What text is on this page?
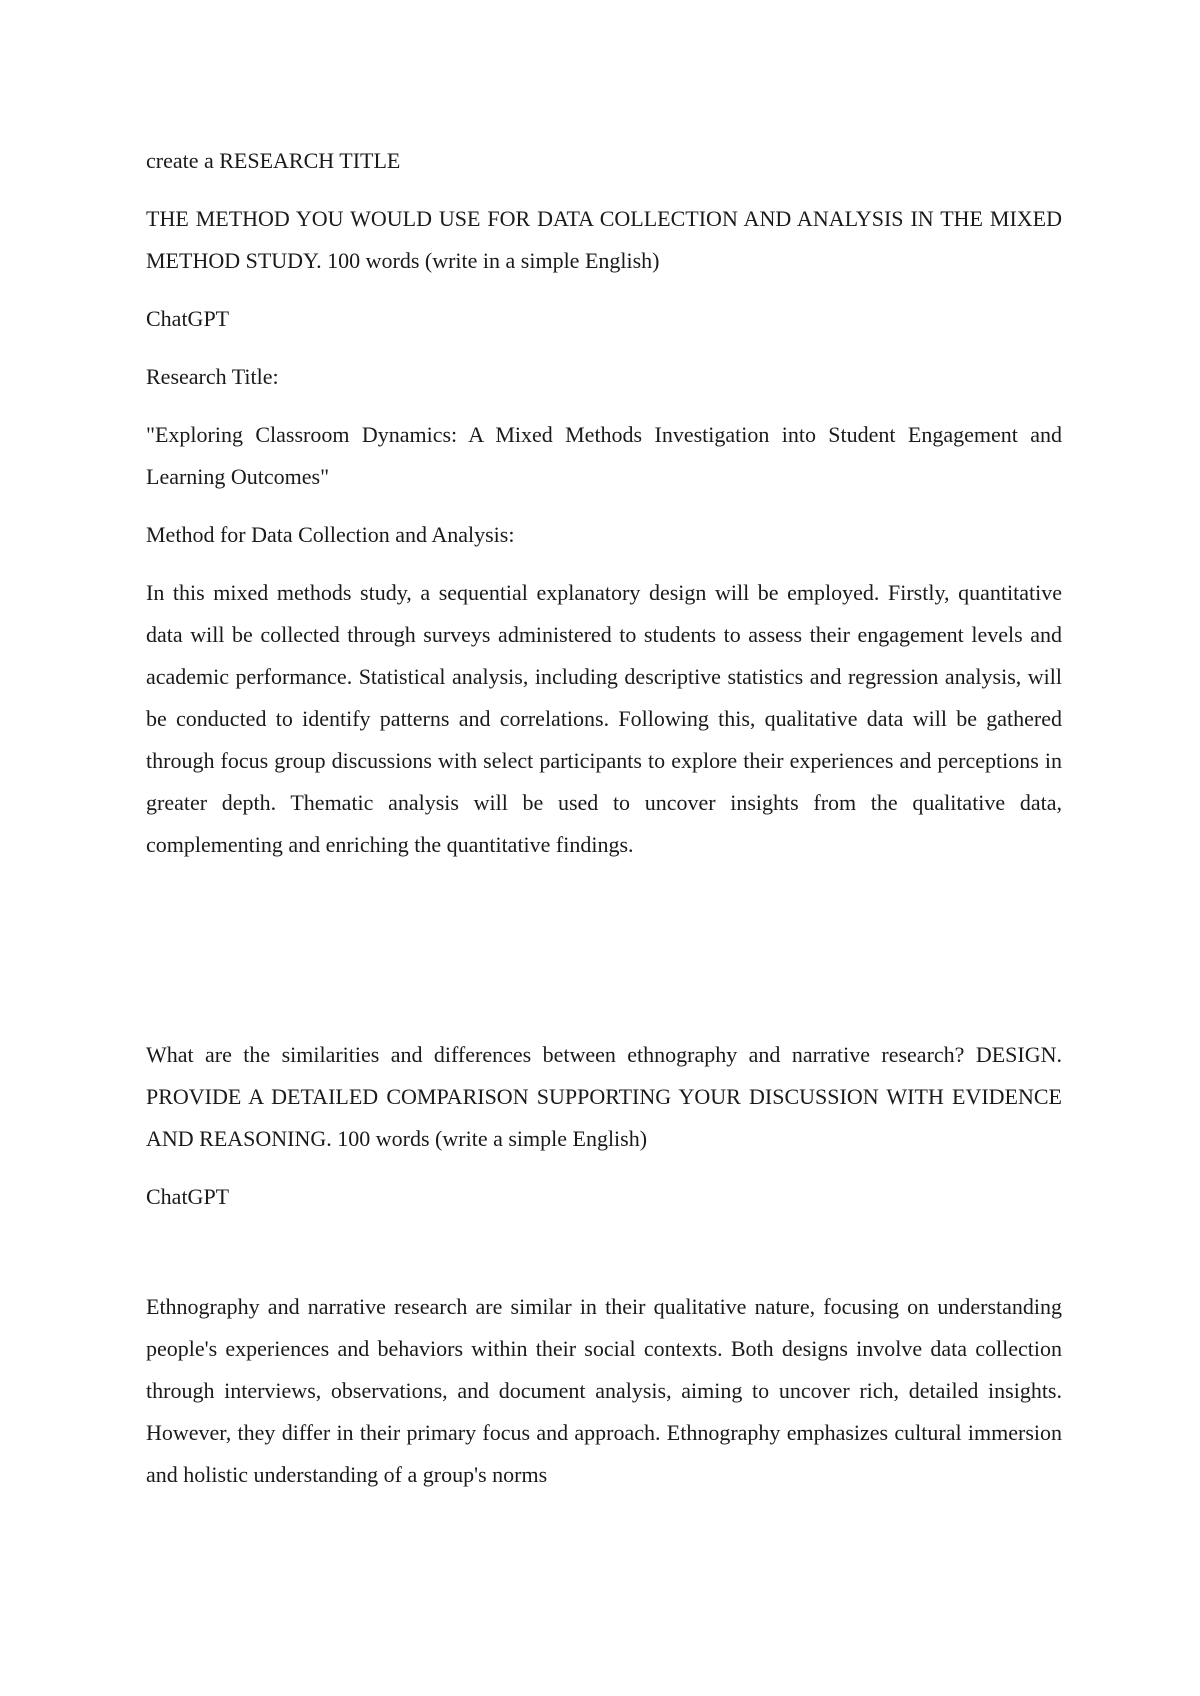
create a RESEARCH TITLE

THE METHOD YOU WOULD USE FOR DATA COLLECTION AND ANALYSIS IN THE MIXED METHOD STUDY. 100 words (write in a simple English)

ChatGPT

Research Title:

"Exploring Classroom Dynamics: A Mixed Methods Investigation into Student Engagement and Learning Outcomes"

Method for Data Collection and Analysis:

In this mixed methods study, a sequential explanatory design will be employed. Firstly, quantitative data will be collected through surveys administered to students to assess their engagement levels and academic performance. Statistical analysis, including descriptive statistics and regression analysis, will be conducted to identify patterns and correlations. Following this, qualitative data will be gathered through focus group discussions with select participants to explore their experiences and perceptions in greater depth. Thematic analysis will be used to uncover insights from the qualitative data, complementing and enriching the quantitative findings.

What are the similarities and differences between ethnography and narrative research? DESIGN. PROVIDE A DETAILED COMPARISON SUPPORTING YOUR DISCUSSION WITH EVIDENCE AND REASONING. 100 words (write a simple English)

ChatGPT

Ethnography and narrative research are similar in their qualitative nature, focusing on understanding people's experiences and behaviors within their social contexts. Both designs involve data collection through interviews, observations, and document analysis, aiming to uncover rich, detailed insights. However, they differ in their primary focus and approach. Ethnography emphasizes cultural immersion and holistic understanding of a group's norms
